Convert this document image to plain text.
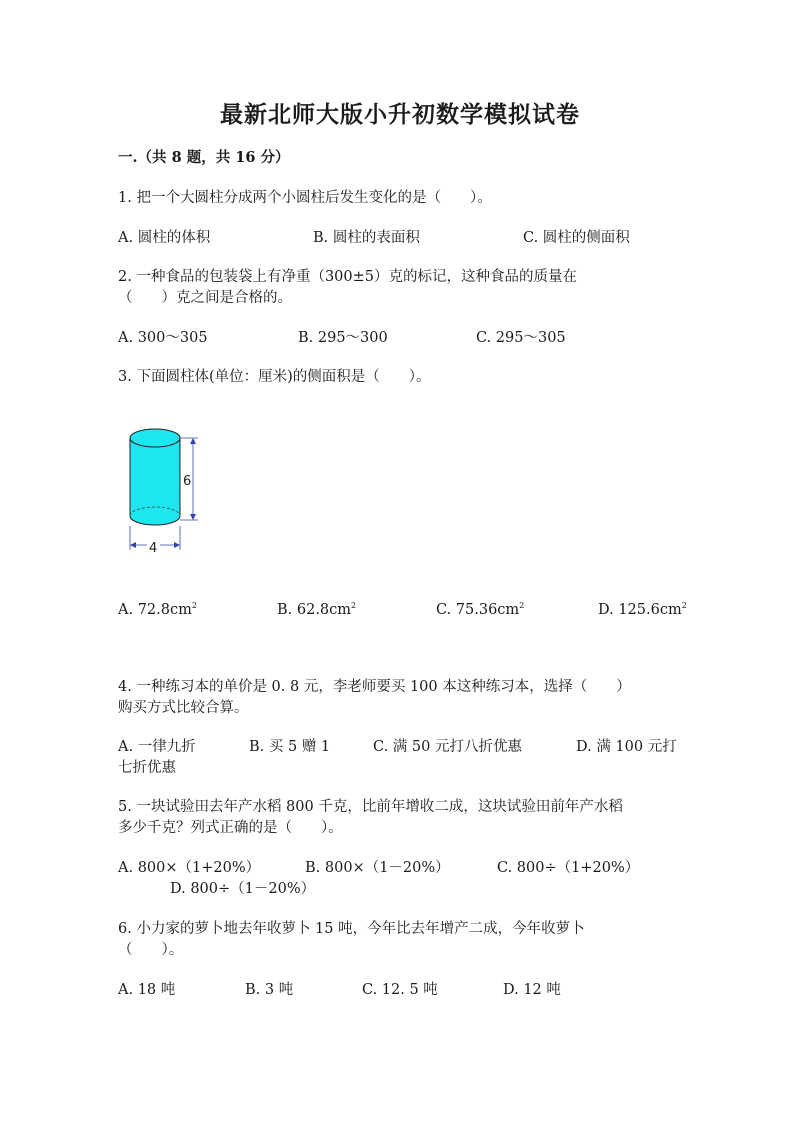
最新北师大版小升初数学模拟试卷
一.（共 8 题，共 16 分）
1. 把一个大圆柱分成两个小圆柱后发生变化的是（　　）。
A. 圆柱的体积	B. 圆柱的表面积	C. 圆柱的侧面积
2. 一种食品的包装袋上有净重（300±5）克的标记，这种食品的质量在
（　　）克之间是合格的。
A. 300～305	B. 295～300	C. 295～305
3. 下面圆柱体(单位：厘米)的侧面积是（　　）。
6
4
A. $72.8cm^2$	B. $62.8cm^2$	C. $75.36cm^2$	D. $125.6cm^2$
4. 一种练习本的单价是 0. 8 元，李老师要买 100 本这种练习本，选择（　　）
购买方式比较合算。
A. 一律九折	B. 买 5 赠 1	C. 满 50 元打八折优惠	D. 满 100 元打
七折优惠
5. 一块试验田去年产水稻 800 千克，比前年增收二成，这块试验田前年产水稻
多少千克？列式正确的是（　　）。
A. 800×（1+20%）	B. 800×（1－20%）	C. 800÷（1+20%）
D. 800÷（1－20%）
6. 小力家的萝卜地去年收萝卜 15 吨，今年比去年增产二成，今年收萝卜
（　　）。
A. 18 吨	B. 3 吨	C. 12. 5 吨	D. 12 吨
